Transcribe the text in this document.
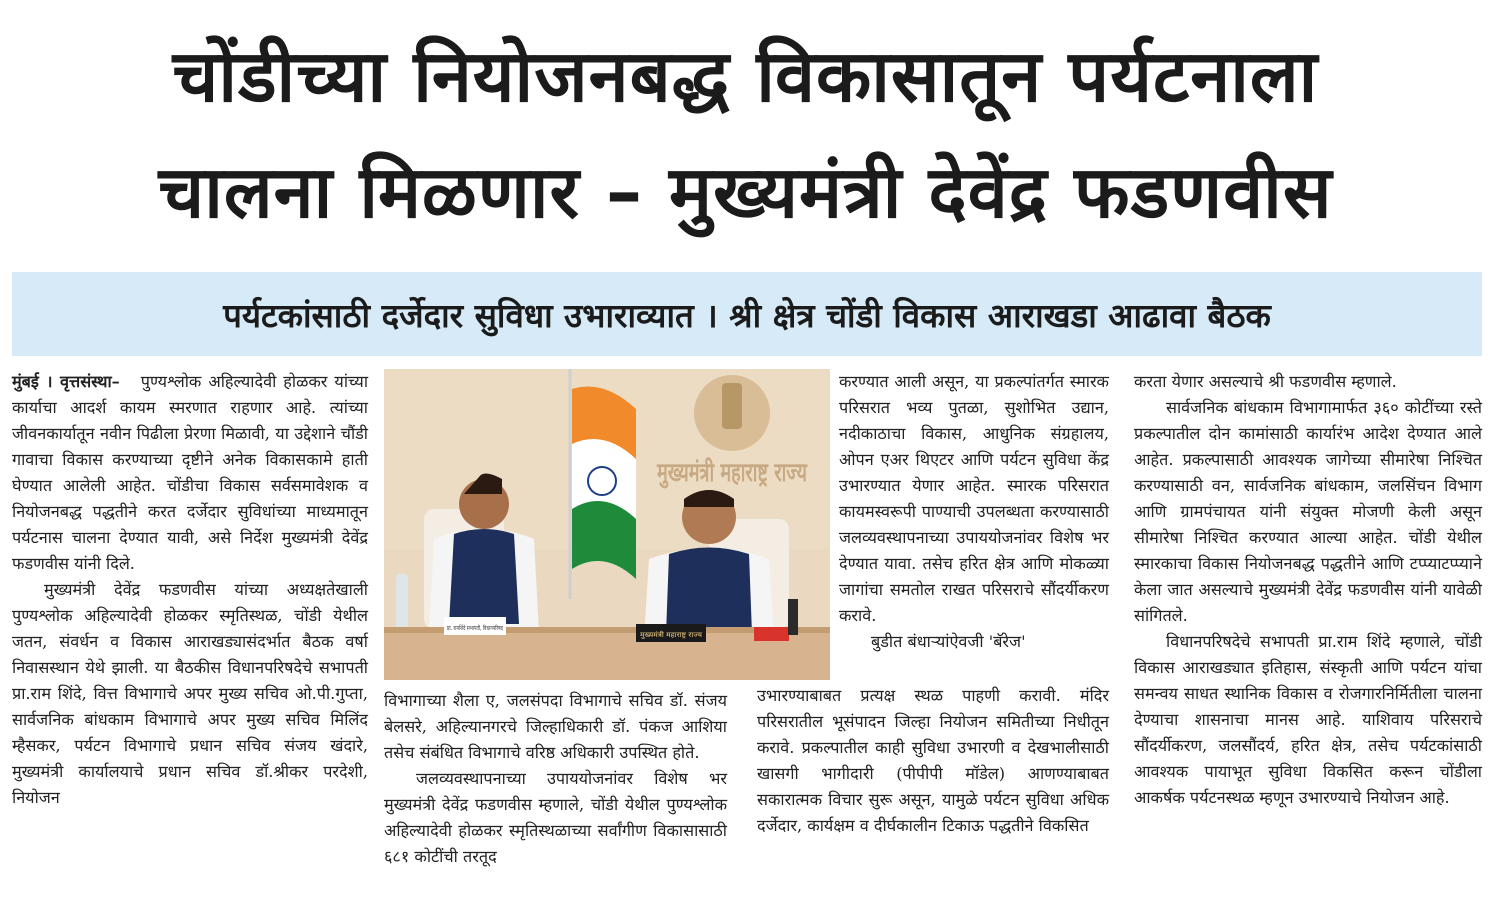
चोंडीच्या नियोजनबद्ध विकासातून पर्यटनाला
चालना मिळणार – मुख्यमंत्री देवेंद्र फडणवीस
पर्यटकांसाठी दर्जेदार सुविधा उभाराव्यात । श्री क्षेत्र चोंडी विकास आराखडा आढावा बैठक

मुंबई । वृत्तसंस्था– पुण्यश्लोक अहिल्यादेवी होळकर यांच्या कार्याचा आदर्श कायम स्मरणात राहणार आहे. त्यांच्या जीवनकार्यातून नवीन पिढीला प्रेरणा मिळावी, या उद्देशाने चौंडी गावाचा विकास करण्याच्या दृष्टीने अनेक विकासकामे हाती घेण्यात आलेली आहेत. चोंडीचा विकास सर्वसमावेशक व नियोजनबद्ध पद्धतीने करत दर्जेदार सुविधांच्या माध्यमातून पर्यटनास चालना देण्यात यावी, असे निर्देश मुख्यमंत्री देवेंद्र फडणवीस यांनी दिले.

मुख्यमंत्री देवेंद्र फडणवीस यांच्या अध्यक्षतेखाली पुण्यश्लोक अहिल्यादेवी होळकर स्मृतिस्थळ, चोंडी येथील जतन, संवर्धन व विकास आराखड्यासंदर्भात बैठक वर्षा निवासस्थान येथे झाली. या बैठकीस विधानपरिषदेचे सभापती प्रा.राम शिंदे, वित्त विभागाचे अपर मुख्य सचिव ओ.पी.गुप्ता, सार्वजनिक बांधकाम विभागाचे अपर मुख्य सचिव मिलिंद म्हैसकर, पर्यटन विभागाचे प्रधान सचिव संजय खंदारे, मुख्यमंत्री कार्यालयाचे प्रधान सचिव डॉ.श्रीकर परदेशी, नियोजन

मुख्यमंत्री महाराष्ट्र राज्य
प्रा. रामशिंदे सभापती, विधानपरिषद
मुख्यमंत्री महाराष्ट्र राज्य

विभागाच्या शैला ए, जलसंपदा विभागाचे सचिव डॉ. संजय बेलसरे, अहिल्यानगरचे जिल्हाधिकारी डॉ. पंकज आशिया तसेच संबंधित विभागाचे वरिष्ठ अधिकारी उपस्थित होते.

जलव्यवस्थापनाच्या उपाययोजनांवर विशेष भर मुख्यमंत्री देवेंद्र फडणवीस म्हणाले, चोंडी येथील पुण्यश्लोक अहिल्यादेवी होळकर स्मृतिस्थळाच्या सर्वांगीण विकासासाठी ६८१ कोटींची तरतूद

करण्यात आली असून, या प्रकल्पांतर्गत स्मारक परिसरात भव्य पुतळा, सुशोभित उद्यान, नदीकाठाचा विकास, आधुनिक संग्रहालय, ओपन एअर थिएटर आणि पर्यटन सुविधा केंद्र उभारण्यात येणार आहेत. स्मारक परिसरात कायमस्वरूपी पाण्याची उपलब्धता करण्यासाठी जलव्यवस्थापनाच्या उपाययोजनांवर विशेष भर देण्यात यावा. तसेच हरित क्षेत्र आणि मोकळ्या जागांचा समतोल राखत परिसराचे सौंदर्यीकरण करावे.

बुडीत बंधाऱ्यांऐवजी 'बॅरेज'

उभारण्याबाबत प्रत्यक्ष स्थळ पाहणी करावी. मंदिर परिसरातील भूसंपादन जिल्हा नियोजन समितीच्या निधीतून करावे. प्रकल्पातील काही सुविधा उभारणी व देखभालीसाठी खासगी भागीदारी (पीपीपी मॉडेल) आणण्याबाबत सकारात्मक विचार सुरू असून, यामुळे पर्यटन सुविधा अधिक दर्जेदार, कार्यक्षम व दीर्घकालीन टिकाऊ पद्धतीने विकसित

करता येणार असल्याचे श्री फडणवीस म्हणाले.

सार्वजनिक बांधकाम विभागामार्फत ३६० कोटींच्या रस्ते प्रकल्पातील दोन कामांसाठी कार्यारंभ आदेश देण्यात आले आहेत. प्रकल्पासाठी आवश्यक जागेच्या सीमारेषा निश्चित करण्यासाठी वन, सार्वजनिक बांधकाम, जलसिंचन विभाग आणि ग्रामपंचायत यांनी संयुक्त मोजणी केली असून सीमारेषा निश्चित करण्यात आल्या आहेत. चोंडी येथील स्मारकाचा विकास नियोजनबद्ध पद्धतीने आणि टप्प्याटप्प्याने केला जात असल्याचे मुख्यमंत्री देवेंद्र फडणवीस यांनी यावेळी सांगितले.

विधानपरिषदेचे सभापती प्रा.राम शिंदे म्हणाले, चोंडी विकास आराखड्यात इतिहास, संस्कृती आणि पर्यटन यांचा समन्वय साधत स्थानिक विकास व रोजगारनिर्मितीला चालना देण्याचा शासनाचा मानस आहे. याशिवाय परिसराचे सौंदर्यीकरण, जलसौंदर्य, हरित क्षेत्र, तसेच पर्यटकांसाठी आवश्यक पायाभूत सुविधा विकसित करून चोंडीला आकर्षक पर्यटनस्थळ म्हणून उभारण्याचे नियोजन आहे.
